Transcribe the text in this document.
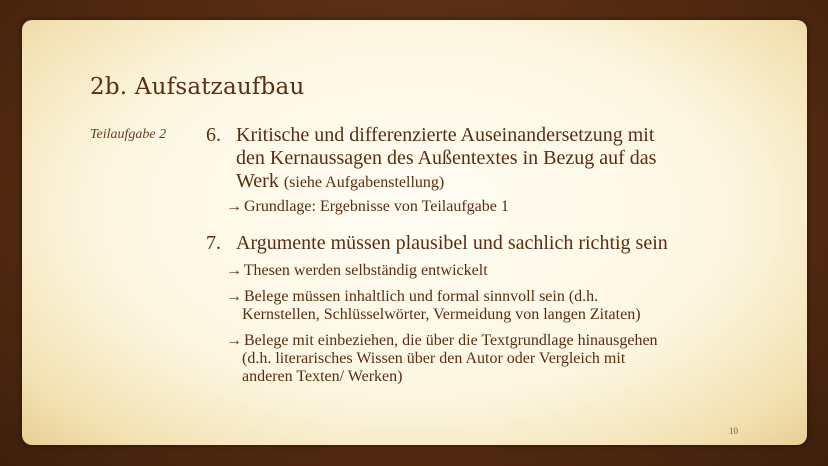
2b. Aufsatzaufbau
Teilaufgabe 2 6. Kritische und differenzierte Auseinandersetzung mit
den Kernaussagen des Außentextes in Bezug auf das
Werk (siehe Aufgabenstellung)
→ Grundlage: Ergebnisse von Teilaufgabe 1
7. Argumente müssen plausibel und sachlich richtig sein
→ Thesen werden selbständig entwickelt
→ Belege müssen inhaltlich und formal sinnvoll sein (d.h.
Kernstellen, Schlüsselwörter, Vermeidung von langen Zitaten)
→ Belege mit einbeziehen, die über die Textgrundlage hinausgehen
(d.h. literarisches Wissen über den Autor oder Vergleich mit
anderen Texten/ Werken)
10
